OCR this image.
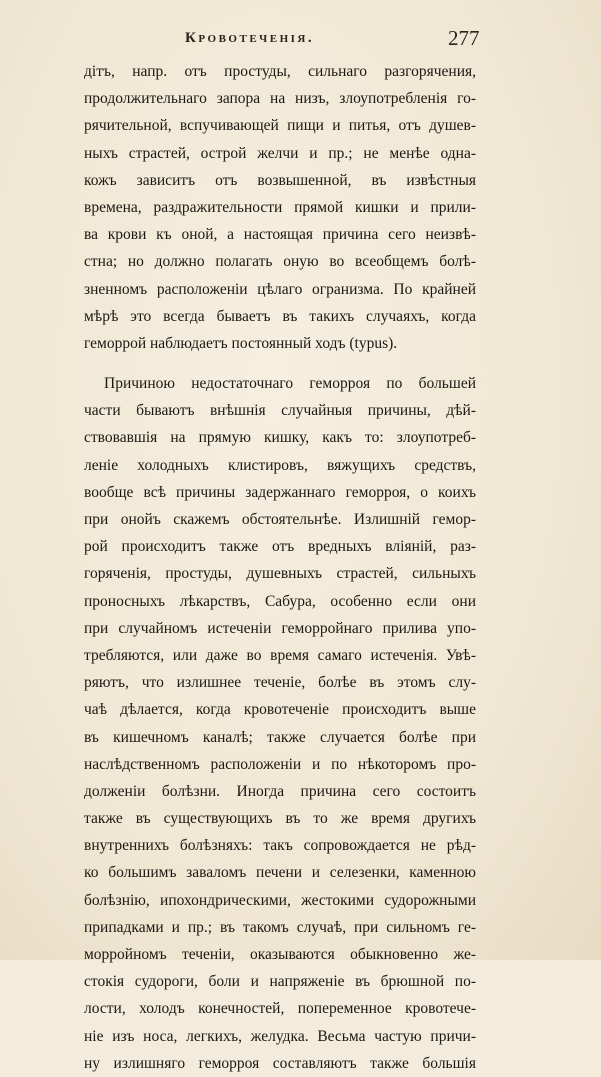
Кровотеченія.	277
дітъ, напр. отъ простуды, сильнаго разгорячения,
продолжительнаго запора на низъ, злоупотребленія го-
рячительной, вспучивающей пищи и питья, отъ душев-
ныхъ страстей, острой желчи и пр.; не менѣе одна-
кожъ зависитъ отъ возвышенной, въ извѣстныя
времена, раздражительности прямой кишки и прили-
ва крови къ оной, а настоящая причина сего неизвѣ-
стна; но должно полагать оную во всеобщемъ болѣ-
зненномъ расположеніи цѣлаго огранизма. По крайней
мѣрѣ это всегда бываетъ въ такихъ случаяхъ, когда
геморрой наблюдаетъ постоянный ходъ (typus).
Причиною недостаточнаго геморроя по большей
части бываютъ внѣшнія случайныя причины, дѣй-
ствовавшія на прямую кишку, какъ то: злоупотреб-
леніе холодныхъ клистировъ, вяжущихъ средствъ,
вообще всѣ причины задержаннаго геморроя, о коихъ
при онойъ скажемъ обстоятельнѣе. Излишній гемор-
рой происходитъ также отъ вредныхъ вліяній, раз-
горяченія, простуды, душевныхъ страстей, сильныхъ
проносныхъ лѣкарствъ, Сабура, особенно если они
при случайномъ истеченіи геморройнаго прилива упо-
требляются, или даже во время самаго истеченія. Увѣ-
ряютъ, что излишнее теченіе, болѣе въ этомъ слу-
чаѣ дѣлается, когда кровотеченіе происходитъ выше
въ кишечномъ каналѣ; также случается болѣе при
наслѣдственномъ расположеніи и по нѣкоторомъ про-
долженіи болѣзни. Иногда причина сего состоитъ
также въ существующихъ въ то же время другихъ
внутреннихъ болѣзняхъ: такъ сопровождается не рѣд-
ко большимъ заваломъ печени и селезенки, каменною
болѣзнію, ипохондрическими, жестокими судорожными
припадками и пр.; въ такомъ случаѣ, при сильномъ ге-
морройномъ теченіи, оказываются обыкновенно же-
стокія судороги, боли и напряженіе въ брюшной по-
лости, холодъ конечностей, попеременное кровотече-
ніе изъ носа, легкихъ, желудка. Весьма частую причи-
ну излишняго геморроя составляютъ также большія
